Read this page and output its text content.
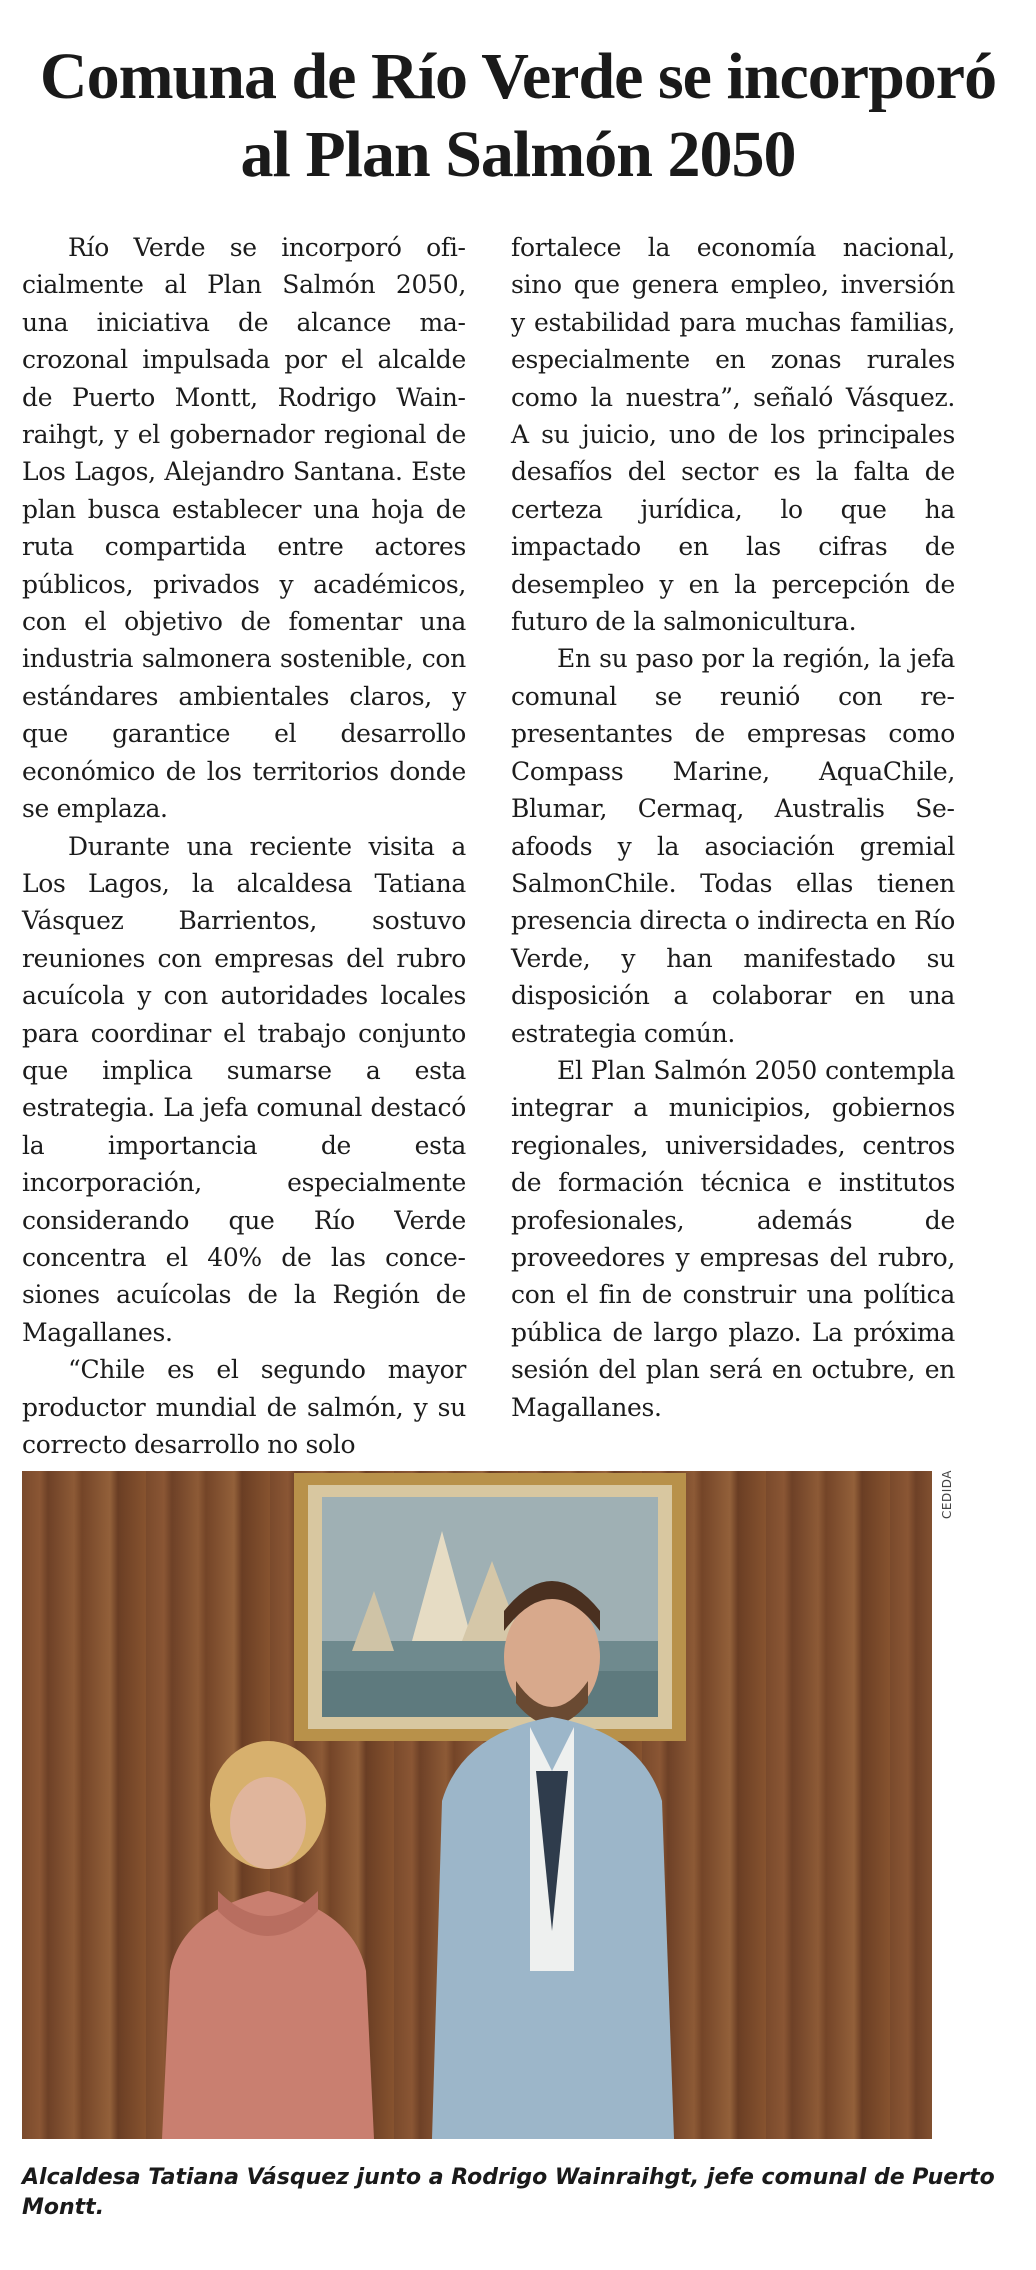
Comuna de Río Verde se incorporó al Plan Salmón 2050

Río Verde se incorporó oficialmente al Plan Salmón 2050, una iniciativa de alcance macrozonal impulsada por el alcalde de Puerto Montt, Rodrigo Wainraihgt, y el gobernador regional de Los Lagos, Alejandro Santana. Este plan busca establecer una hoja de ruta compartida entre actores públicos, privados y académicos, con el objetivo de fomentar una industria salmonera sostenible, con estándares ambientales claros, y que garantice el desarrollo económico de los territorios donde se emplaza.

Durante una reciente visita a Los Lagos, la alcaldesa Tatiana Vásquez Barrientos, sostuvo reuniones con empresas del rubro acuícola y con autoridades locales para coordinar el trabajo conjunto que implica sumarse a esta estrategia. La jefa comunal destacó la importancia de esta incorporación, especialmente considerando que Río Verde concentra el 40% de las concesiones acuícolas de la Región de Magallanes.

“Chile es el segundo mayor productor mundial de salmón, y su correcto desarrollo no solo

fortalece la economía nacional, sino que genera empleo, inversión y estabilidad para muchas familias, especialmente en zonas rurales como la nuestra”, señaló Vásquez. A su juicio, uno de los principales desafíos del sector es la falta de certeza jurídica, lo que ha impactado en las cifras de desempleo y en la percepción de futuro de la salmonicultura.

En su paso por la región, la jefa comunal se reunió con representantes de empresas como Compass Marine, AquaChile, Blumar, Cermaq, Australis Seafoods y la asociación gremial SalmonChile. Todas ellas tienen presencia directa o indirecta en Río Verde, y han manifestado su disposición a colaborar en una estrategia común.

El Plan Salmón 2050 contempla integrar a municipios, gobiernos regionales, universidades, centros de formación técnica e institutos profesionales, además de proveedores y empresas del rubro, con el fin de construir una política pública de largo plazo. La próxima sesión del plan será en octubre, en Magallanes.

CEDIDA

Alcaldesa Tatiana Vásquez junto a Rodrigo Wainraihgt, jefe comunal de Puerto Montt.
